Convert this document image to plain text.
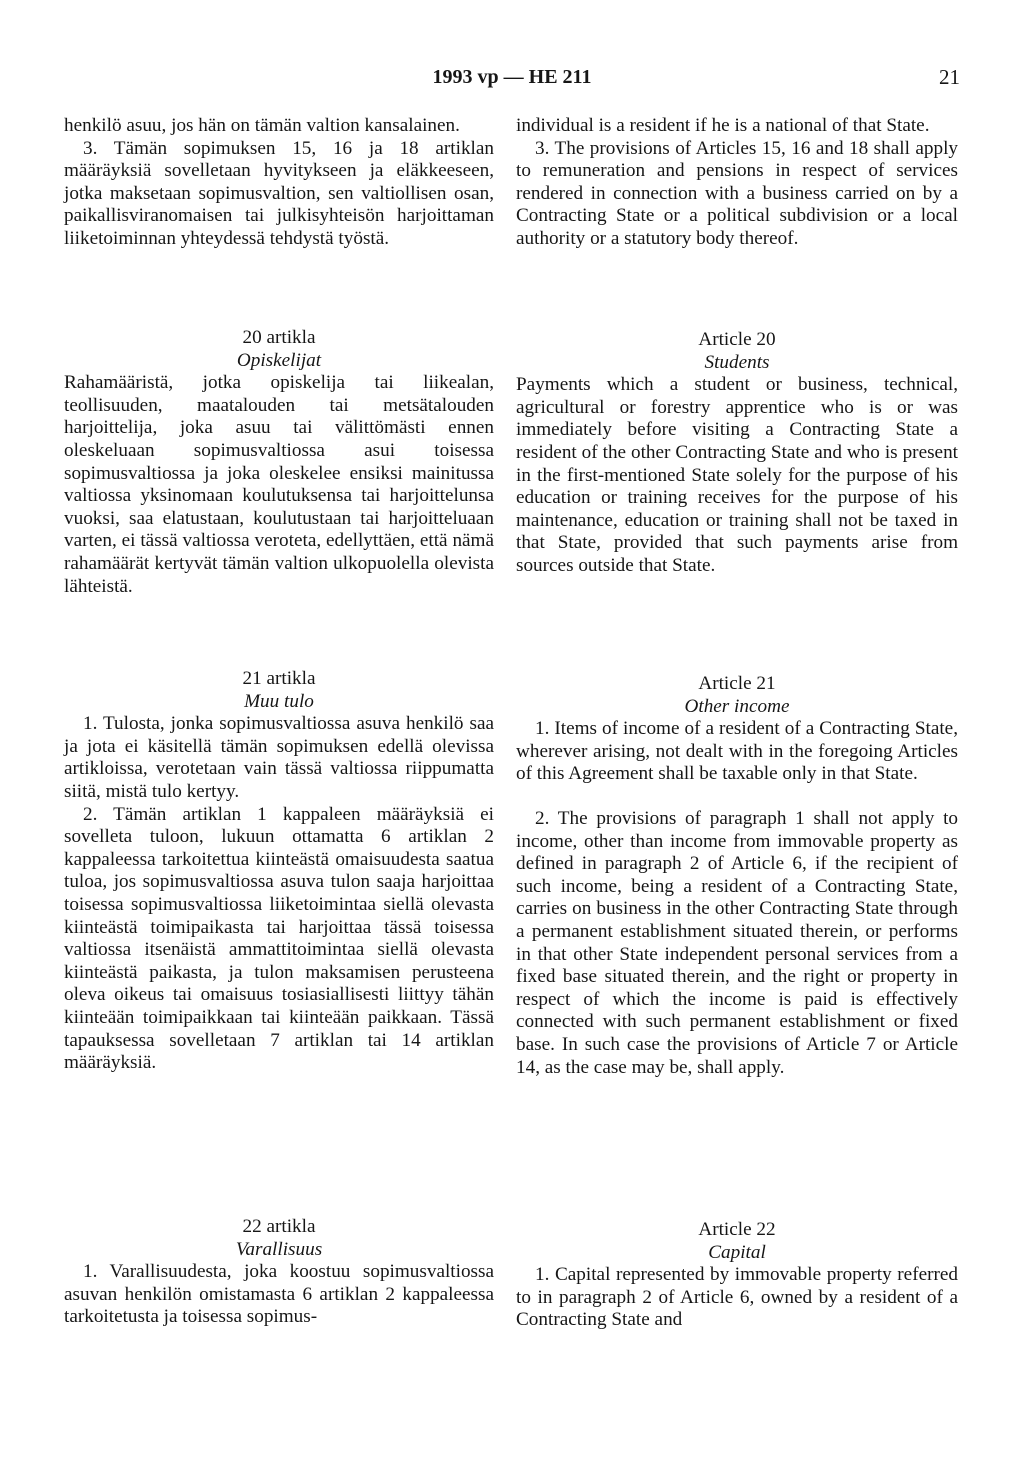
1993 vp — HE 211	21

henkilö asuu, jos hän on tämän valtion kansalainen.

3. Tämän sopimuksen 15, 16 ja 18 artiklan määräyksiä sovelletaan hyvitykseen ja eläkkeeseen, jotka maksetaan sopimusvaltion, sen valtiollisen osan, paikallisviranomaisen tai julkisyhteisön harjoittaman liiketoiminnan yhteydessä tehdystä työstä.

20 artikla

Opiskelijat

Rahamääristä, jotka opiskelija tai liikealan, teollisuuden, maatalouden tai metsätalouden harjoittelija, joka asuu tai välittömästi ennen oleskeluaan sopimusvaltiossa asui toisessa sopimusvaltiossa ja joka oleskelee ensiksi mainitussa valtiossa yksinomaan koulutuksensa tai harjoittelunsa vuoksi, saa elatustaan, koulutustaan tai harjoitteluaan varten, ei tässä valtiossa veroteta, edellyttäen, että nämä rahamäärät kertyvät tämän valtion ulkopuolella olevista lähteistä.

21 artikla

Muu tulo

1. Tulosta, jonka sopimusvaltiossa asuva henkilö saa ja jota ei käsitellä tämän sopimuksen edellä olevissa artikloissa, verotetaan vain tässä valtiossa riippumatta siitä, mistä tulo kertyy.

2. Tämän artiklan 1 kappaleen määräyksiä ei sovelleta tuloon, lukuun ottamatta 6 artiklan 2 kappaleessa tarkoitettua kiinteästä omaisuudesta saatua tuloa, jos sopimusvaltiossa asuva tulon saaja harjoittaa toisessa sopimusvaltiossa liiketoimintaa siellä olevasta kiinteästä toimipaikasta tai harjoittaa tässä toisessa valtiossa itsenäistä ammattitoimintaa siellä olevasta kiinteästä paikasta, ja tulon maksamisen perusteena oleva oikeus tai omaisuus tosiasiallisesti liittyy tähän kiinteään toimipaikkaan tai kiinteään paikkaan. Tässä tapauksessa sovelletaan 7 artiklan tai 14 artiklan määräyksiä.

22 artikla

Varallisuus

1. Varallisuudesta, joka koostuu sopimusvaltiossa asuvan henkilön omistamasta 6 artiklan 2 kappaleessa tarkoitetusta ja toisessa sopimus-

individual is a resident if he is a national of that State.

3. The provisions of Articles 15, 16 and 18 shall apply to remuneration and pensions in respect of services rendered in connection with a business carried on by a Contracting State or a political subdivision or a local authority or a statutory body thereof.

Article 20

Students

Payments which a student or business, technical, agricultural or forestry apprentice who is or was immediately before visiting a Contracting State a resident of the other Contracting State and who is present in the first-mentioned State solely for the purpose of his education or training receives for the purpose of his maintenance, education or training shall not be taxed in that State, provided that such payments arise from sources outside that State.

Article 21

Other income

1. Items of income of a resident of a Contracting State, wherever arising, not dealt with in the foregoing Articles of this Agreement shall be taxable only in that State.

2. The provisions of paragraph 1 shall not apply to income, other than income from immovable property as defined in paragraph 2 of Article 6, if the recipient of such income, being a resident of a Contracting State, carries on business in the other Contracting State through a permanent establishment situated therein, or performs in that other State independent personal services from a fixed base situated therein, and the right or property in respect of which the income is paid is effectively connected with such permanent establishment or fixed base. In such case the provisions of Article 7 or Article 14, as the case may be, shall apply.

Article 22

Capital

1. Capital represented by immovable property referred to in paragraph 2 of Article 6, owned by a resident of a Contracting State and
